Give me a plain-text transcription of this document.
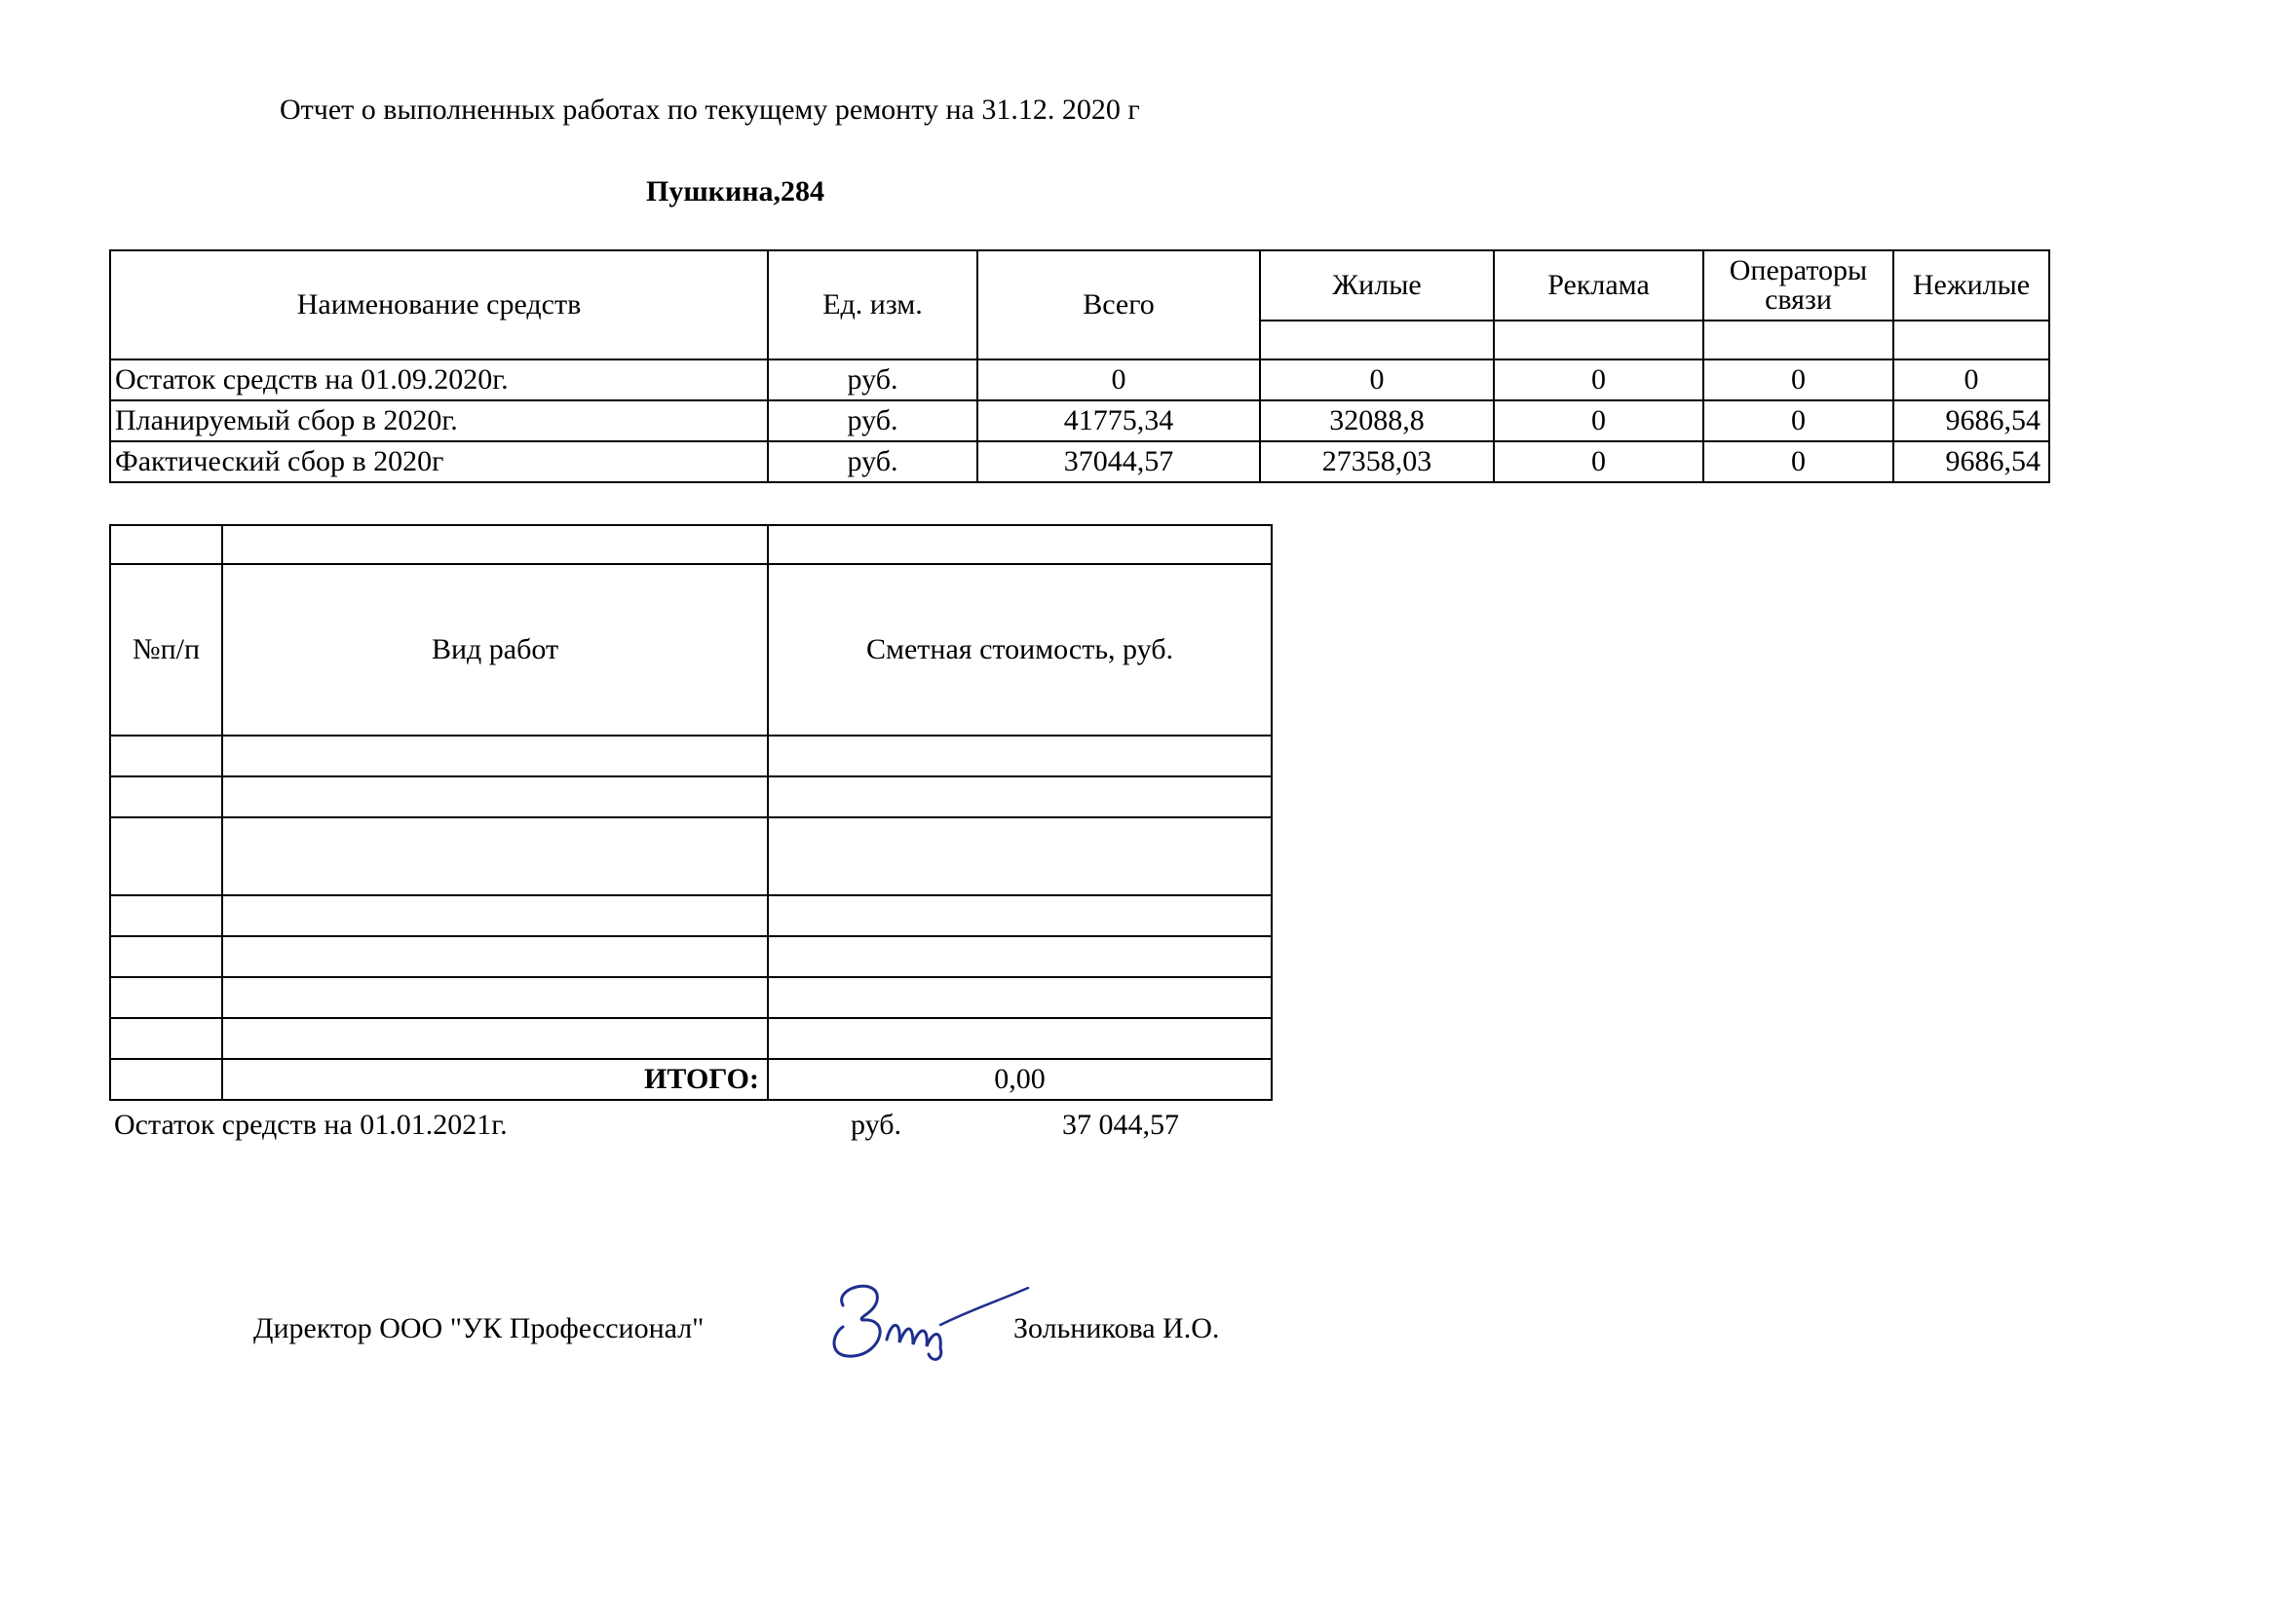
Отчет о выполненных работах по текущему ремонту на 31.12. 2020 г
Пушкина,284
Наименование средств	Ед. изм.	Всего	Жилые	Реклама	Операторы связи	Нежилые

Остаток средств на 01.09.2020г.	руб.	0	0	0	0	0
Планируемый сбор в 2020г.	руб.	41775,34	32088,8	0	0	9686,54
Фактический сбор в 2020г	руб.	37044,57	27358,03	0	0	9686,54

№п/п	Вид работ	Сметная стоимость, руб.

	ИТОГО:	0,00
Остаток средств на 01.01.2021г.	руб.	37 044,57
Директор ООО "УК Профессионал"	Зольникова И.О.
